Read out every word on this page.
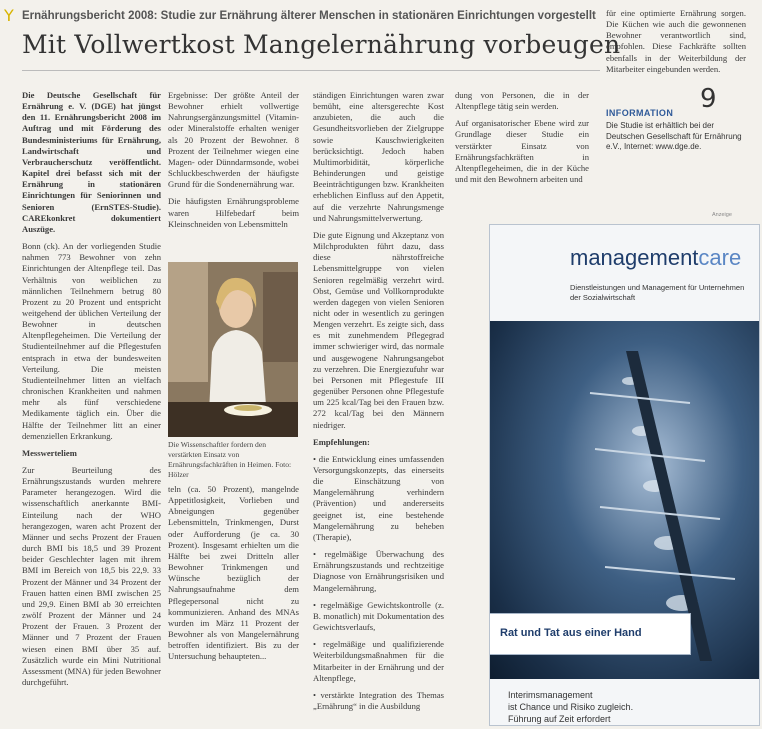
Y Ernährungsbericht 2008: Studie zur Ernährung älterer Menschen in stationären Einrichtungen vorgestellt
Mit Vollwertkost Mangelernährung vorbeugen

Die Deutsche Gesellschaft für Ernährung e. V. (DGE) hat jüngst den 11. Ernährungsbericht 2008 im Auftrag und mit Förderung des Bundesministeriums für Ernährung, Landwirtschaft und Verbraucherschutz veröffentlicht. Kapitel drei befasst sich mit der Ernährung in stationären Einrichtungen für Seniorinnen und Senioren (ErnSTES-Studie). CAREkonkret dokumentiert Auszüge.

Bonn (ck). An der vorliegenden Studie nahmen 773 Bewohner von zehn Einrichtungen der Altenpflege teil. Das Verhältnis von weiblichen zu männlichen Teilnehmern betrug 80 Prozent zu 20 Prozent und entspricht weitgehend der üblichen Verteilung der Bewohner in deutschen Altenpflegeheimen. Die Verteilung der Studienteilnehmer auf die Pflegestufen entsprach in etwa der bundesweiten Verteilung. Die meisten Studienteilnehmer litten an vielfach chronischen Krankheiten und nahmen mehr als fünf verschiedene Medikamente täglich ein. Über die Hälfte der Teilnehmer litt an einer demenziellen Erkrankung.

Messwerteliem

Zur Beurteilung des Ernährungszustands wurden mehrere Parameter herangezogen. Wird die wissenschaftlich anerkannte BMI-Einteilung nach der WHO herangezogen, waren acht Prozent der Männer und sechs Prozent der Frauen durch BMI bis 18,5 und 39 Prozent beider Geschlechter lagen mit ihrem BMI im Bereich von 18,5 bis 22,9. 33 Prozent der Männer und 34 Prozent der Frauen hatten einen BMI zwischen 25 und 29,9. Einen BMI ab 30 erreichten zwölf Prozent der Männer und 24 Prozent der Frauen. 3 Prozent der Männer und 7 Prozent der Frauen wiesen einen BMI über 35 auf. Zusätzlich wurde ein Mini Nutritional Assessment (MNA) für jeden Bewohner durchgeführt.

Ergebnisse: Der größte Anteil der Bewohner erhielt vollwertige Nahrungsergänzungsmittel (Vitamin- oder Mineralstoffe erhalten weniger als 20 Prozent der Bewohner. 8 Prozent der Teilnehmer wiegen eine Magen- oder Dünndarmsonde, wobei Schluckbeschwerden der häufigste Grund für die Sondenernährung war.

Die häufigsten Ernährungsprobleme waren Hilfebedarf beim Kleinschneiden von Lebensmitteln

Die Wissenschaftler fordern den verstärkten Einsatz von Ernährungsfachkräften in Heimen. Foto: Hölzer

teln (ca. 50 Prozent), mangelnde Appetitlosigkeit, Vorlieben und Abneigungen gegenüber Lebensmitteln, Trinkmengen, Durst oder Aufforderung (je ca. 30 Prozent). Insgesamt erhielten um die Hälfte bei zwei Dritteln aller Bewohner Trinkmengen und Wünsche bezüglich der Nahrungsaufnahme dem Pflegepersonal nicht zu kommunizieren. Anhand des MNAs wurden im März 11 Prozent der Bewohner als von Mangelernährung betroffen identifiziert. Bis zu der Untersuchung behaupteten...

ständigen Einrichtungen waren zwar bemüht, eine altersgerechte Kost anzubieten, die auch die Gesundheitsvorlieben der Zielgruppe sowie Kauschwierigkeiten berücksichtigt. Jedoch haben Multimorbidität, körperliche Behinderungen und geistige Beeinträchtigungen bzw. Krankheiten erheblichen Einfluss auf den Appetit, auf die verzehrte Nahrungsmenge und Nahrungsmittelverwertung.

Die gute Eignung und Akzeptanz von Milchprodukten führt dazu, dass diese nährstoffreiche Lebensmittelgruppe von vielen Senioren regelmäßig verzehrt wird. Obst, Gemüse und Vollkornprodukte werden dagegen von vielen Senioren nicht oder in wesentlich zu geringen Mengen verzehrt. Es zeigte sich, dass es mit zunehmendem Pflegegrad immer schwieriger wird, das normale und ausgewogene Nahrungsangebot zu verzehren. Die Energiezufuhr war bei Personen mit Pflegestufe III gegenüber Personen ohne Pflegestufe um 225 kcal/Tag bei den Frauen bzw. 272 kcal/Tag bei den Männern niedriger.

Empfehlungen:

• die Entwicklung eines umfassenden Versorgungskonzepts, das einerseits die Einschätzung von Mangelernährung verhindern (Prävention) und andererseits geeignet ist, eine bestehende Mangelernährung zu beheben (Therapie),

• regelmäßige Überwachung des Ernährungszustands und rechtzeitige Diagnose von Ernährungsrisiken und Mangelernährung,

• regelmäßige Gewichtskontrolle (z. B. monatlich) mit Dokumentation des Gewichtsverlaufs,

• regelmäßige und qualifizierende Weiterbildungsmaßnahmen für die Mitarbeiter in der Ernährung und der Altenpflege,

• verstärkte Integration des Themas „Ernährung“ in die Ausbildung

dung von Personen, die in der Altenpflege tätig sein werden.

Auf organisatorischer Ebene wird zur Grundlage dieser Studie ein verstärkter Einsatz von Ernährungsfachkräften in Altenpflegeheimen, die in der Küche und mit den Bewohnern arbeiten und

für eine optimierte Ernährung sorgen. Die Küchen wie auch die gewonnenen Bewohner verantwortlich sind, empfohlen. Diese Fachkräfte sollten ebenfalls in der Weiterbildung der Mitarbeiter eingebunden werden.

9
INFORMATION
Die Studie ist erhältlich bei der Deutschen Gesellschaft für Ernährung e.V., Internet: www.dge.de.
Anzeige
managementcare
Dienstleistungen und Management für Unternehmen der Sozialwirtschaft
Rat und Tat aus einer Hand
Interimsmanagement
ist Chance und Risiko zugleich.
Führung auf Zeit erfordert
